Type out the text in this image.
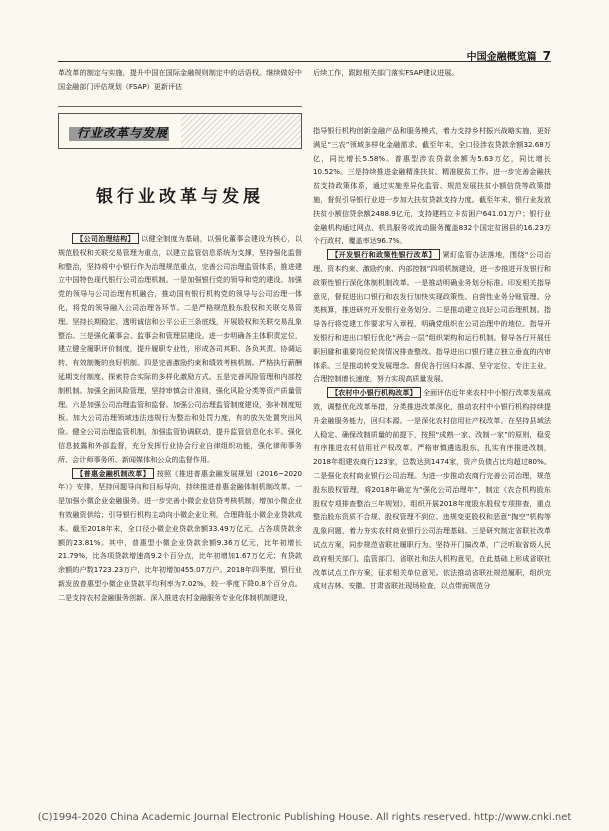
中国金融概览篇 7

革改革的制定与实施，提升中国在国际金融规则制定中的话语权。继续做好中国金融部门评估规划（FSAP）更新评估

后续工作，跟踪相关部门落实FSAP建议进展。

行业改革与发展
银行业改革与发展

【公司治理结构】 以健全制度为基础，以强化董事会建设为核心，以规范股权和关联交易管理为重点，以建立监管信息系统为支撑，坚持强化监督和整治，坚持将中小银行作为治理规范重点，完善公司治理监管体系，推进建立中国特色现代银行公司治理机制。一是加强银行党的领导和党的建设。加强党的领导与公司治理有机融合，推动国有银行机构党的领导与公司治理一体化，将党的领导融入公司治理各环节。二是严格规范股东股权和关联交易管理。坚持长期稳定、透明诚信和公平公正三条底线，开展股权和关联交易乱象整治。三是强化董事会、监事会和管理层建设。进一步明确各主体职责定位，建立健全履职评价制度，提升履职专业性，形成各司其职、各负其责、协调运转、有效制衡的良好机制。四是完善激励约束和绩效考核机制。严格执行薪酬延期支付制度，探索符合实际的多样化激励方式。五是完善风险管理和内部控制机制。加强全面风险管理，坚持审慎会计准则，强化风险分类等资产质量管理。六是加强公司治理监管和监督。加强公司治理监管制度建设，弥补制度短板。加大公司治理领域违法违规行为整治和处罚力度，有的放矢处置突出风险。健全公司治理监管机制，加强监管协调联动，提升监管信息化水平。强化信息披露和外部监督，充分发挥行业协会行业自律组织功能，强化律师事务所、会计师事务所、新闻媒体和公众的监督作用。

【普惠金融机制改革】 按照《推进普惠金融发展规划（2016~2020年）》安排，坚持问题导向和目标导向，持续推进普惠金融体制机制改革。一是加强小微企业金融服务。进一步完善小微企业信贷考核机制，增加小微企业有效融资供给；引导银行机构主动向小微企业让利，合理降低小微企业贷款成本。截至2018年末，全口径小微企业贷款余额33.49万亿元，占各项贷款余额的23.81%。其中，普惠型小微企业贷款余额9.36万亿元，比年初增长21.79%，比各项贷款增速高9.2个百分点，比年初增加1.67万亿元；有贷款余额的户数1723.23万户，比年初增加455.07万户。2018年四季度，银行业新发放普惠型小微企业贷款平均利率为7.02%，较一季度下降0.8个百分点。二是支持农村金融服务创新。深入推进农村金融服务专业化体制机制建设，

指导银行机构创新金融产品和服务模式，着力支持乡村振兴战略实施，更好满足“三农”领域多样化金融需求。截至年末，全口径涉农贷款余额32.68万亿，同比增长5.58%。普惠型涉农贷款余额为5.63万亿，同比增长10.52%。三是持续推进金融精准扶贫、精准脱贫工作。进一步完善金融扶贫支持政策体系，通过实施差异化监管、规范发展扶贫小额信贷等政策措施，督促引导银行业进一步加大扶贫贷款支持力度。截至年末，银行业发放扶贫小额信贷余额2488.9亿元，支持建档立卡贫困户641.01万户；银行业金融机构通过网点、机具服务或流动服务覆盖832个国定贫困县的16.23万个行政村，覆盖率达96.7%。

【开发银行和政策性银行改革】 紧盯监管办法落地，围绕“公司治理、资本约束、激励约束、内部控制”四项机制建设，进一步推进开发银行和政策性银行深化体制机制改革。一是推动明确业务划分标准。印发相关指导意见，督促进出口银行和农发行加快实现政策性、自营性业务分账管理、分类核算，推进研究开发银行业务划分。二是推动建立良好公司治理机制。指导各行将党建工作要求写入章程，明确党组织在公司治理中的地位。指导开发银行和进出口银行优化“两会一层”组织架构和运行机制。督导各行开展任职回避和重要岗位轮岗情况排查整改。指导进出口银行建立独立垂直的内审体系。三是推动转变发展理念。督促各行回归本源、坚守定位、专注主业，合理控制增长速度，努力实现高质量发展。

【农村中小银行机构改革】 全面评估近年来农村中小银行改革发展成效，调整优化改革举措，分类推进改革深化，推动农村中小银行机构持续提升金融服务能力，回归本源。一是深化农村信用社产权改革。在坚持县域法人稳定、确保改制质量的前提下，按照“成熟一家、改制一家”的原则，稳妥有序推进农村信用社产权改革。严格审慎遴选股东，扎实有序推进改制，2018年组建农商行123家，总数达到1474家，资产负债占比均超过80%。二是强化农村商业银行公司治理。为进一步推动农商行完善公司治理，规范股东股权管理，将2018年确定为“强化公司治理年”，制定《农合机构股东股权专项排查整治三年规划》，组织开展2018年度股东股权专项排查，重点整治股东资质不合规、股权管理不到位、违规变更股权和恶意“掏空”机构等乱象问题，着力夯实农村商业银行公司治理基础。三是研究制定省联社改革试点方案，同步规范省联社履职行为。坚持开门搞改革，广泛听取省级人民政府相关部门、监管部门、省联社和法人机构意见，在此基础上形成省联社改革试点工作方案，征求相关单位意见。依法推动省联社规范履职，组织完成对吉林、安徽、甘肃省联社现场检查，以点带面规范分

(C)1994-2020 China Academic Journal Electronic Publishing House. All rights reserved. http://www.cnki.net
